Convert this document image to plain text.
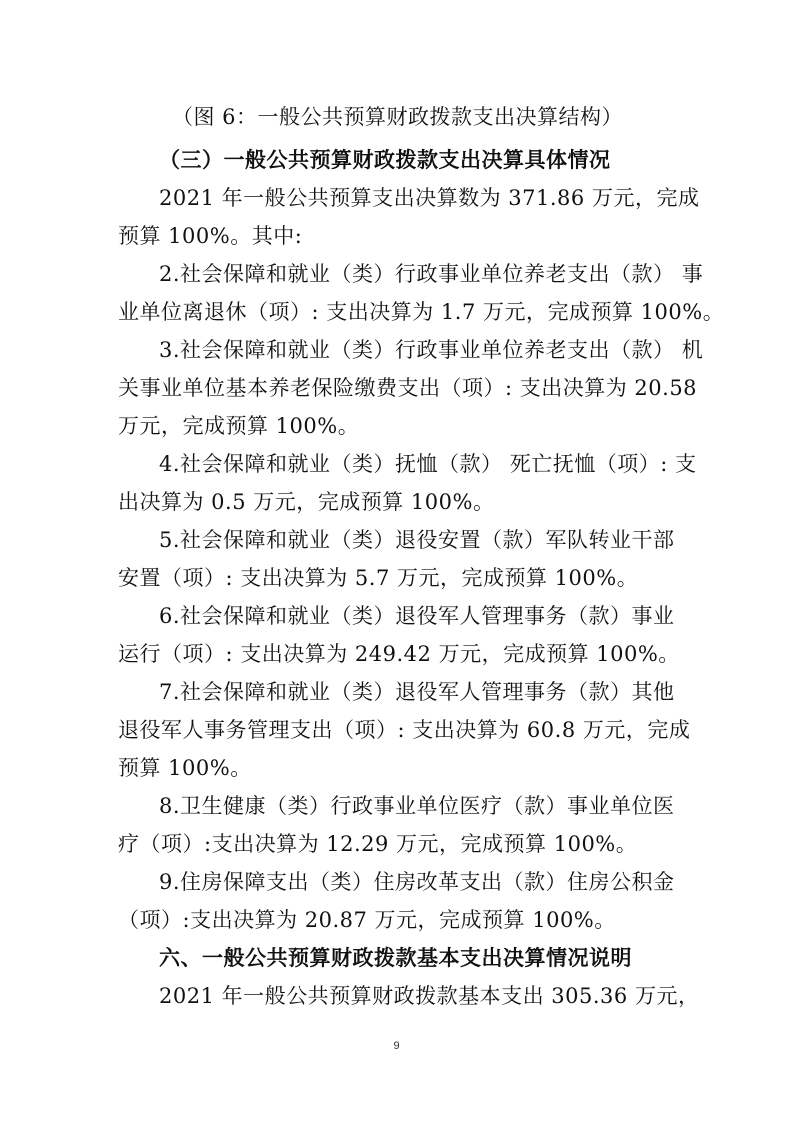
（图 6：一般公共预算财政拨款支出决算结构）
（三）一般公共预算财政拨款支出决算具体情况
2021 年一般公共预算支出决算数为 371.86 万元，完成
预算 100%。其中:
2.社会保障和就业（类）行政事业单位养老支出（款） 事
业单位离退休（项）: 支出决算为 1.7 万元，完成预算 100%。
3.社会保障和就业（类）行政事业单位养老支出（款） 机
关事业单位基本养老保险缴费支出（项）: 支出决算为 20.58
万元，完成预算 100%。
4.社会保障和就业（类）抚恤（款） 死亡抚恤（项）: 支
出决算为 0.5 万元，完成预算 100%。
5.社会保障和就业（类）退役安置（款）军队转业干部
安置（项）: 支出决算为 5.7 万元，完成预算 100%。
6.社会保障和就业（类）退役军人管理事务（款）事业
运行（项）: 支出决算为 249.42 万元，完成预算 100%。
7.社会保障和就业（类）退役军人管理事务（款）其他
退役军人事务管理支出（项）: 支出决算为 60.8 万元，完成
预算 100%。
8.卫生健康（类）行政事业单位医疗（款）事业单位医
疗（项）:支出决算为 12.29 万元，完成预算 100%。
9.住房保障支出（类）住房改革支出（款）住房公积金
（项）:支出决算为 20.87 万元，完成预算 100%。
六、一般公共预算财政拨款基本支出决算情况说明
2021 年一般公共预算财政拨款基本支出 305.36 万元，
9
